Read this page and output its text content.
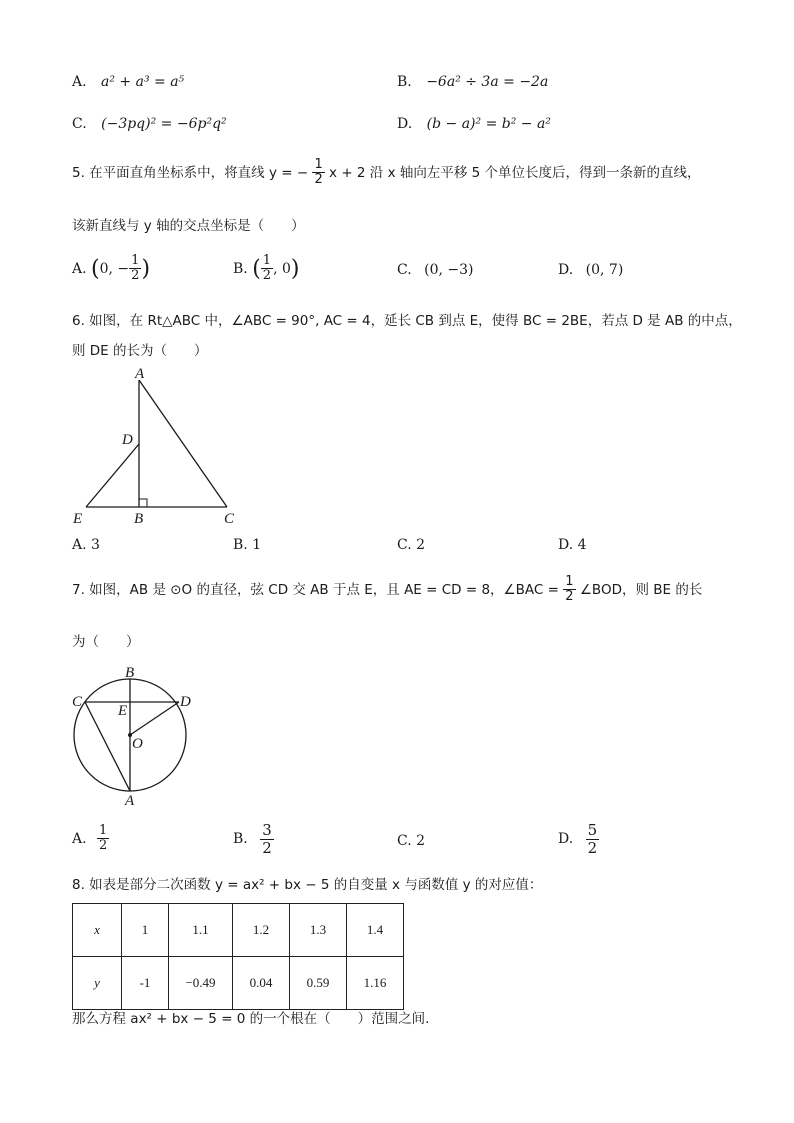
A. a² + a³ = a⁵	B. −6a² ÷ 3a = −2a
C. (−3pq)² = −6p²q²	D. (b − a)² = b² − a²
5. 在平面直角坐标系中，将直线 y = − $\frac{1}{2}$ x + 2 沿 x 轴向左平移 5 个单位长度后，得到一条新的直线，
该新直线与 y 轴的交点坐标是（　　）
A. (0, − $\frac{1}{2}$ )	B. ( $\frac{1}{2}$ , 0)	C. (0, −3)	D. (0, 7)
6. 如图，在 Rt△ABC 中，∠ABC = 90°, AC = 4，延长 CB 到点 E，使得 BC = 2BE，若点 D 是 AB 的中点，
则 DE 的长为（　　）
A
D
E	B	C
A. 3	B. 1	C. 2	D. 4
7. 如图，AB 是 ⊙O 的直径，弦 CD 交 AB 于点 E，且 AE = CD = 8，∠BAC = $\frac{1}{2}$ ∠BOD，则 BE 的长
为（　　）
B
C	D
E
O
A
A. $\frac{1}{2}$	B. $\frac{3}{2}$	C. 2	D. $\frac{5}{2}$
8. 如表是部分二次函数 y = ax² + bx − 5 的自变量 x 与函数值 y 的对应值：
x	1	1.1	1.2	1.3	1.4
y	-1	−0.49	0.04	0.59	1.16
那么方程 ax² + bx − 5 = 0 的一个根在（　　）范围之间.
